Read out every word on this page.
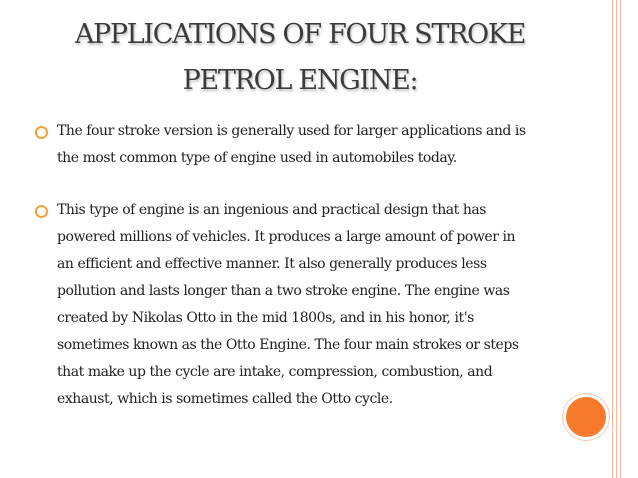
APPLICATIONS OF FOUR STROKE
PETROL ENGINE:
The four stroke version is generally used for larger applications and is
the most common type of engine used in automobiles today.
This type of engine is an ingenious and practical design that has
powered millions of vehicles. It produces a large amount of power in
an efficient and effective manner. It also generally produces less
pollution and lasts longer than a two stroke engine. The engine was
created by Nikolas Otto in the mid 1800s, and in his honor, it's
sometimes known as the Otto Engine. The four main strokes or steps
that make up the cycle are intake, compression, combustion, and
exhaust, which is sometimes called the Otto cycle.
